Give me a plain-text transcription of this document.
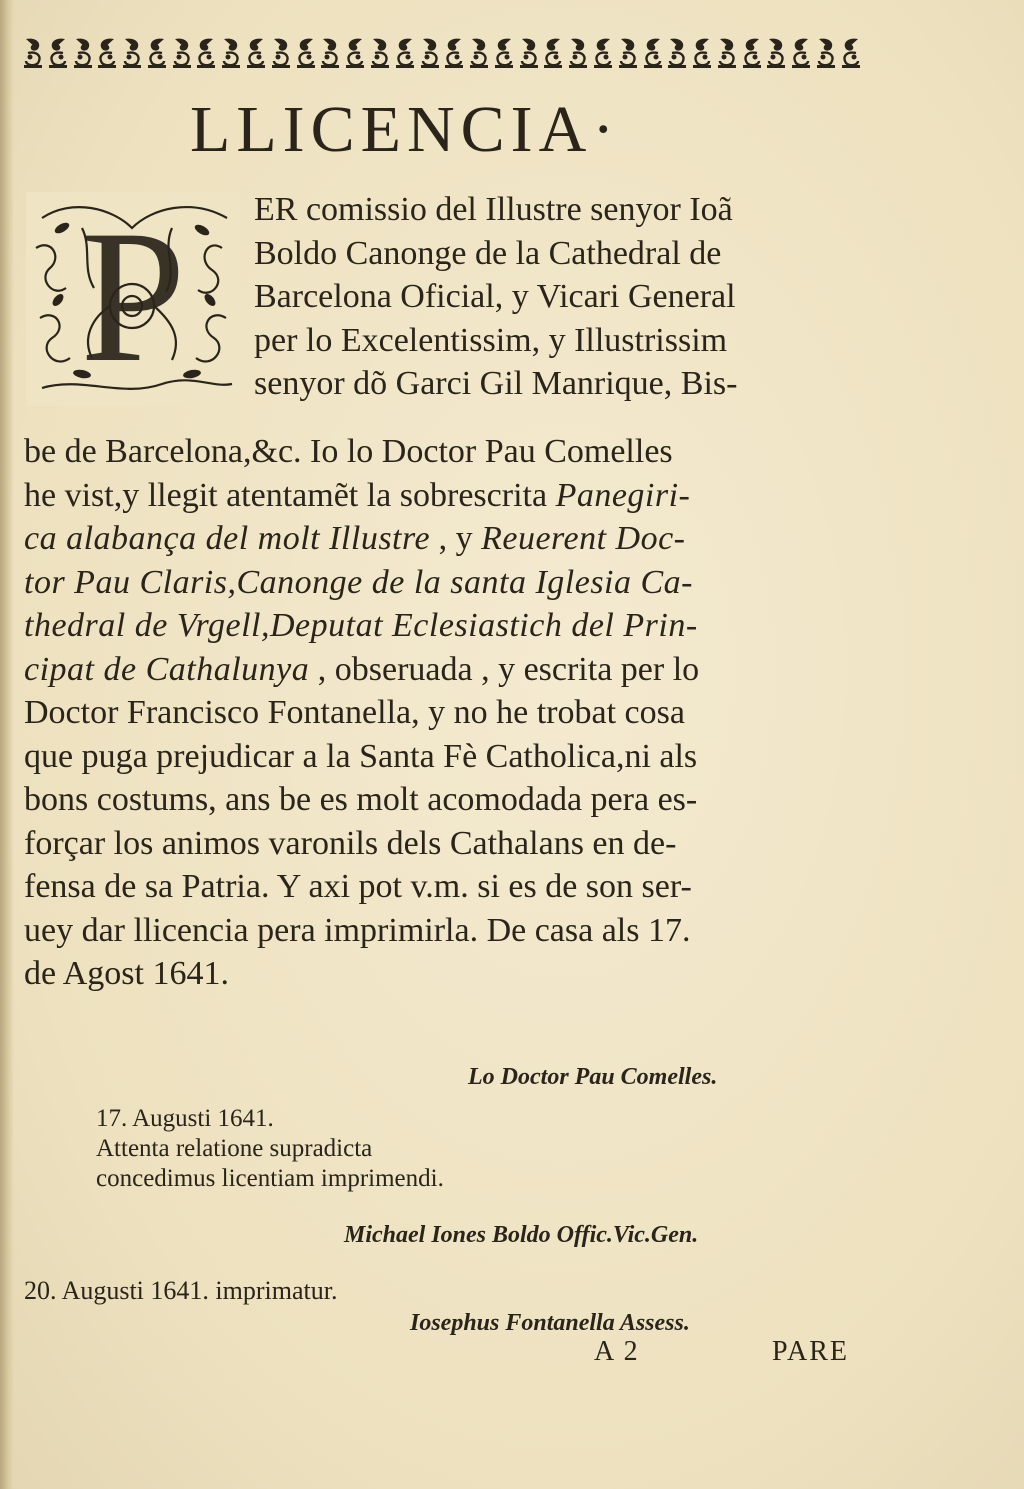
LLICENCIA·
P ER comissio del Illustre senyor Ioã
Boldo Canonge de la Cathedral de
Barcelona Oficial, y Vicari General
per lo Excelentissim, y Illustrissim
senyor dõ Garci Gil Manrique, Bis-
be de Barcelona,&c. Io lo Doctor Pau Comelles
he vist,y llegit atentamẽt la sobrescrita Panegiri-
ca alabança del molt Illustre , y Reuerent Doc-
tor Pau Claris,Canonge de la santa Iglesia Ca-
thedral de Vrgell,Deputat Eclesiastich del Prin-
cipat de Cathalunya , obseruada , y escrita per lo
Doctor Francisco Fontanella, y no he trobat cosa
que puga prejudicar a la Santa Fè Catholica,ni als
bons costums, ans be es molt acomodada pera es-
forçar los animos varonils dels Cathalans en de-
fensa de sa Patria. Y axi pot v.m. si es de son ser-
uey dar llicencia pera imprimirla. De casa als 17.
de Agost 1641.
Lo Doctor Pau Comelles.
17. Augusti 1641.
Attenta relatione supradicta
concedimus licentiam imprimendi.
Michael Iones Boldo Offic.Vic.Gen.
20. Augusti 1641. imprimatur.
Iosephus Fontanella Assess.
A 2	PARE
